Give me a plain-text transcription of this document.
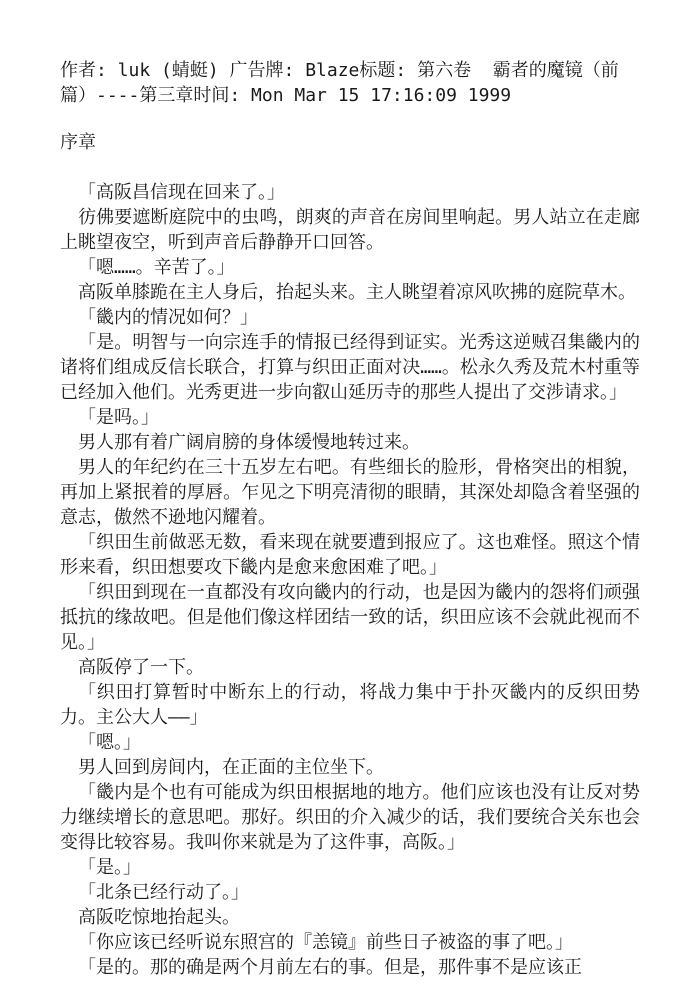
作者: luk (蜻蜓) 广告牌: Blaze标题: 第六卷  霸者的魔镜（前篇）----第三章时间: Mon Mar 15 17:16:09 1999

序章

「高阪昌信现在回来了。」

彷佛要遮断庭院中的虫鸣，朗爽的声音在房间里响起。男人站立在走廊上眺望夜空，听到声音后静静开口回答。

「嗯……。辛苦了。」

高阪单膝跪在主人身后，抬起头来。主人眺望着凉风吹拂的庭院草木。

「畿内的情况如何？」

「是。明智与一向宗连手的情报已经得到证实。光秀这逆贼召集畿内的诸将们组成反信长联合，打算与织田正面对决……。松永久秀及荒木村重等已经加入他们。光秀更进一步向叡山延历寺的那些人提出了交涉请求。」

「是吗。」

男人那有着广阔肩膀的身体缓慢地转过来。

男人的年纪约在三十五岁左右吧。有些细长的脸形，骨格突出的相貌，再加上紧抿着的厚唇。乍见之下明亮清彻的眼睛，其深处却隐含着坚强的意志，傲然不逊地闪耀着。

「织田生前做恶无数，看来现在就要遭到报应了。这也难怪。照这个情形来看，织田想要攻下畿内是愈来愈困难了吧。」

「织田到现在一直都没有攻向畿内的行动，也是因为畿内的怨将们顽强抵抗的缘故吧。但是他们像这样团结一致的话，织田应该不会就此视而不见。」

高阪停了一下。

「织田打算暂时中断东上的行动，将战力集中于扑灭畿内的反织田势力。主公大人——」

「嗯。」

男人回到房间内，在正面的主位坐下。

「畿内是个也有可能成为织田根据地的地方。他们应该也没有让反对势力继续增长的意思吧。那好。织田的介入减少的话，我们要统合关东也会变得比较容易。我叫你来就是为了这件事，高阪。」

「是。」

「北条已经行动了。」

高阪吃惊地抬起头。

「你应该已经听说东照宫的『恙镜』前些日子被盗的事了吧。」

「是的。那的确是两个月前左右的事。但是，那件事不是应该正
